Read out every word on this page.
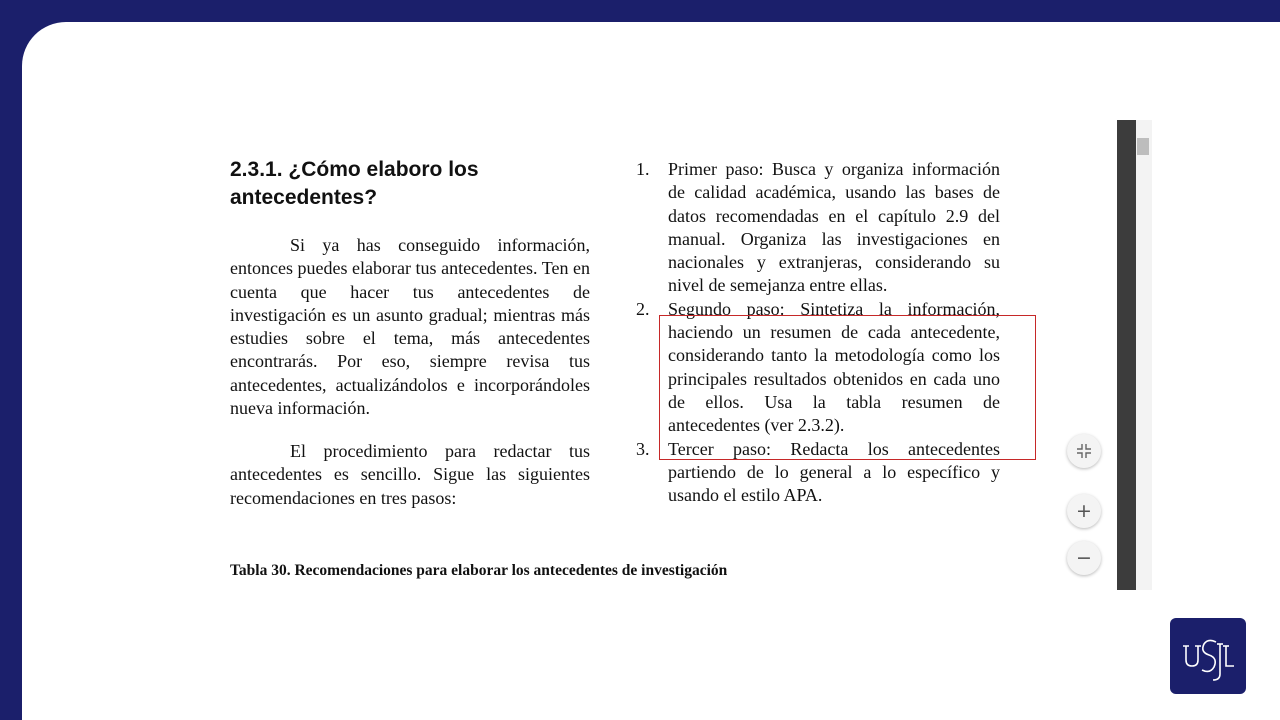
2.3.1. ¿Cómo elaboro los antecedentes?

Si ya has conseguido información, entonces puedes elaborar tus antecedentes. Ten en cuenta que hacer tus antecedentes de investigación es un asunto gradual; mientras más estudies sobre el tema, más antecedentes encontrarás. Por eso, siempre revisa tus antecedentes, actualizándolos e incorporándoles nueva información.

El procedimiento para redactar tus antecedentes es sencillo. Sigue las siguientes recomendaciones en tres pasos:

1.	Primer paso: Busca y organiza información de calidad académica, usando las bases de datos recomendadas en el capítulo 2.9 del manual. Organiza las investigaciones en nacionales y extranjeras, considerando su nivel de semejanza entre ellas.
2.	Segundo paso: Sintetiza la información, haciendo un resumen de cada antecedente, considerando tanto la metodología como los principales resultados obtenidos en cada uno de ellos. Usa la tabla resumen de antecedentes (ver 2.3.2).
3.	Tercer paso: Redacta los antecedentes partiendo de lo general a lo específico y usando el estilo APA.

Tabla 30. Recomendaciones para elaborar los antecedentes de investigación

+
−
